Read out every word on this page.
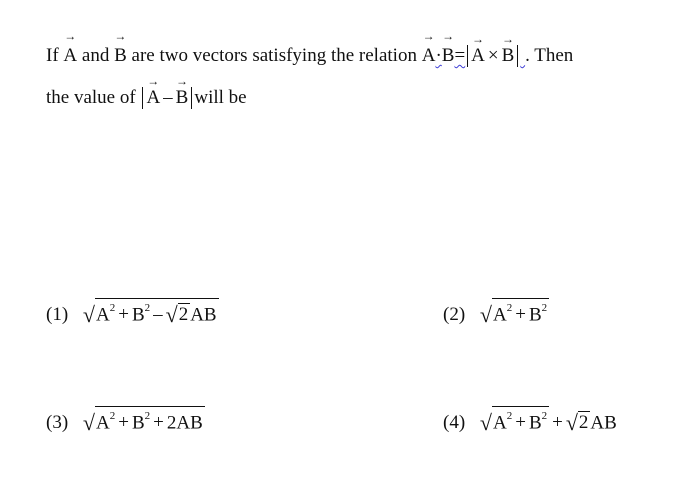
If → A and → B are two vectors satisfying the relation → A·→ B= → A × → B . Then
the value of → A – → B will be
(1) $√A^2 + B^2 - √2$ AB	(2) $√A^2 + B^2$
(3) $√A^2 + B^2 + 2AB$	(4) $√A^2 + B^2 + √2$ AB
